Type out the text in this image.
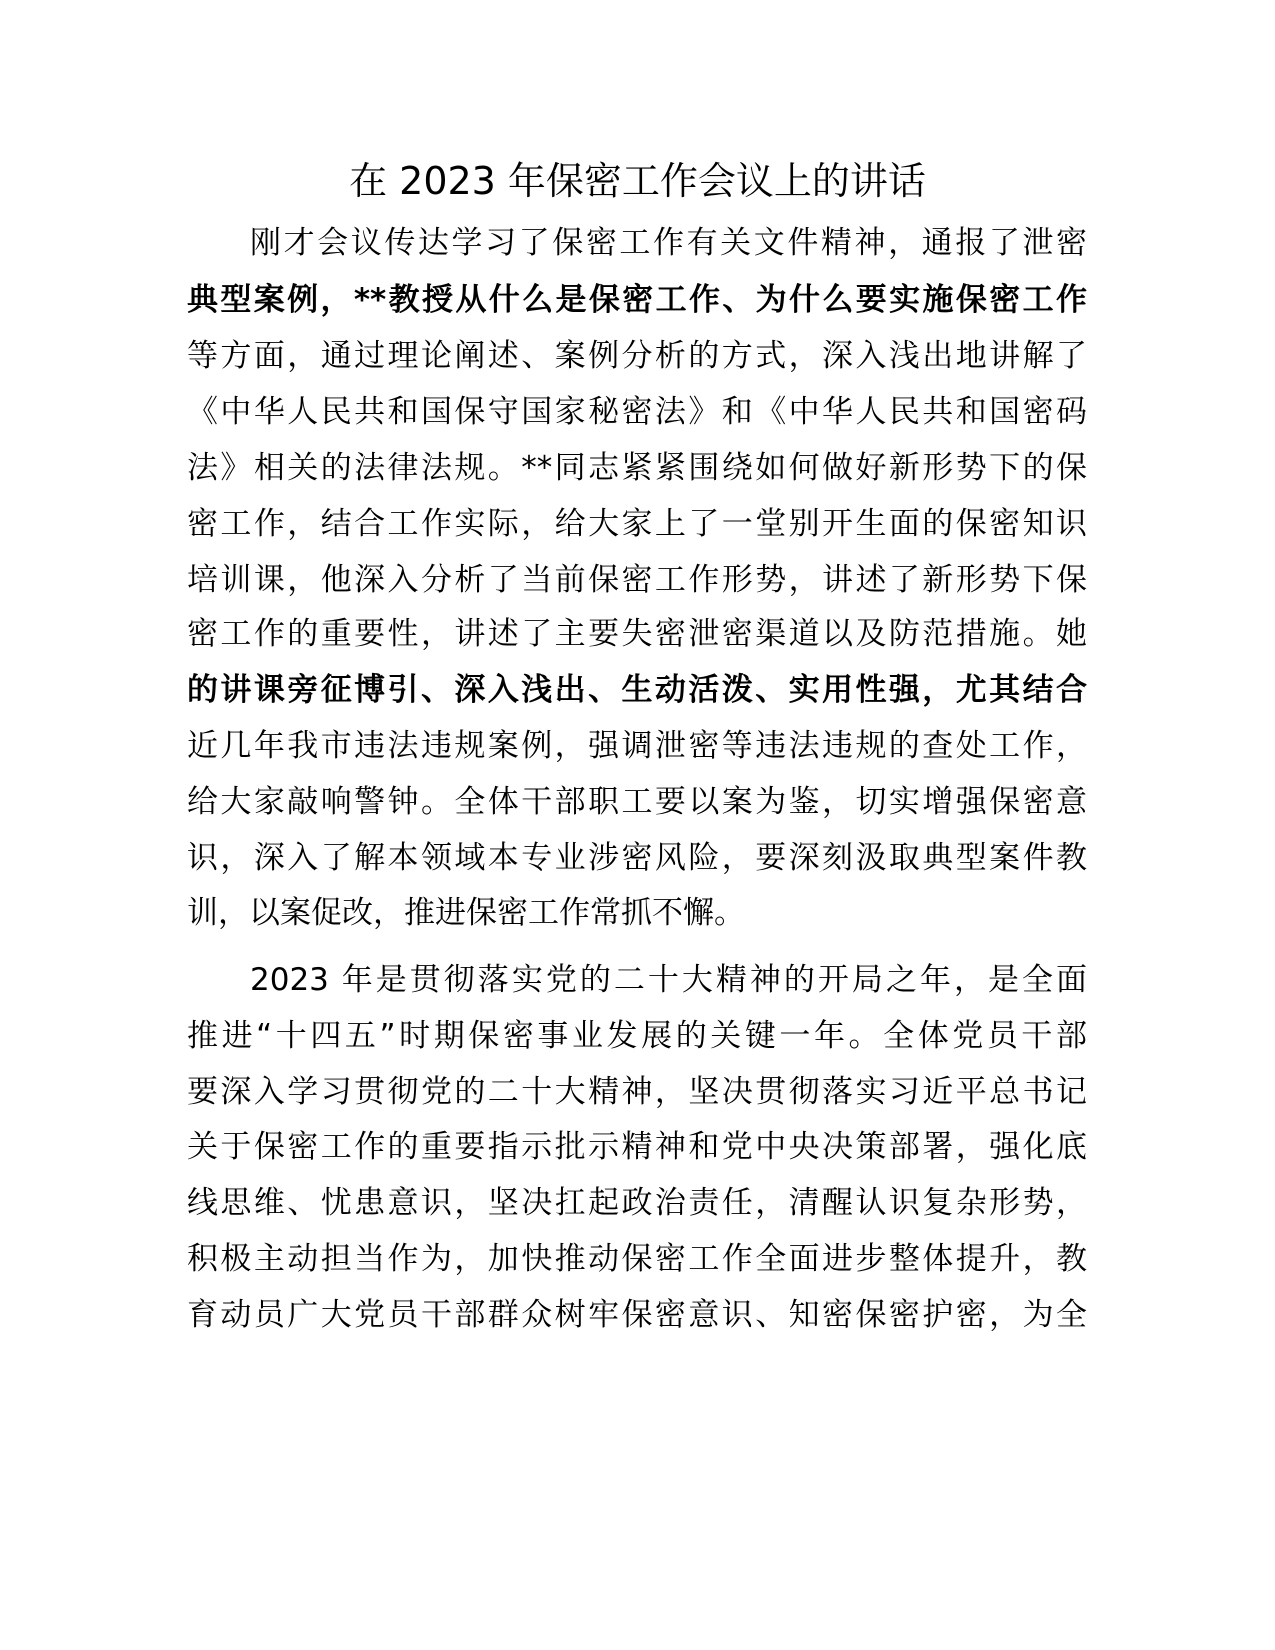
在 2023 年保密工作会议上的讲话

刚才会议传达学习了保密工作有关文件精神，通报了泄密

典型案例，**教授从什么是保密工作、为什么要实施保密工作

等方面，通过理论阐述、案例分析的方式，深入浅出地讲解了

《中华人民共和国保守国家秘密法》和《中华人民共和国密码

法》相关的法律法规。**同志紧紧围绕如何做好新形势下的保

密工作，结合工作实际，给大家上了一堂别开生面的保密知识

培训课，他深入分析了当前保密工作形势，讲述了新形势下保

密工作的重要性，讲述了主要失密泄密渠道以及防范措施。她

的讲课旁征博引、深入浅出、生动活泼、实用性强，尤其结合

近几年我市违法违规案例，强调泄密等违法违规的查处工作，

给大家敲响警钟。全体干部职工要以案为鉴，切实增强保密意

识，深入了解本领域本专业涉密风险，要深刻汲取典型案件教

训，以案促改，推进保密工作常抓不懈。

2023 年是贯彻落实党的二十大精神的开局之年，是全面

推进“十四五”时期保密事业发展的关键一年。全体党员干部

要深入学习贯彻党的二十大精神，坚决贯彻落实习近平总书记

关于保密工作的重要指示批示精神和党中央决策部署，强化底

线思维、忧患意识，坚决扛起政治责任，清醒认识复杂形势，

积极主动担当作为，加快推动保密工作全面进步整体提升，教

育动员广大党员干部群众树牢保密意识、知密保密护密，为全
